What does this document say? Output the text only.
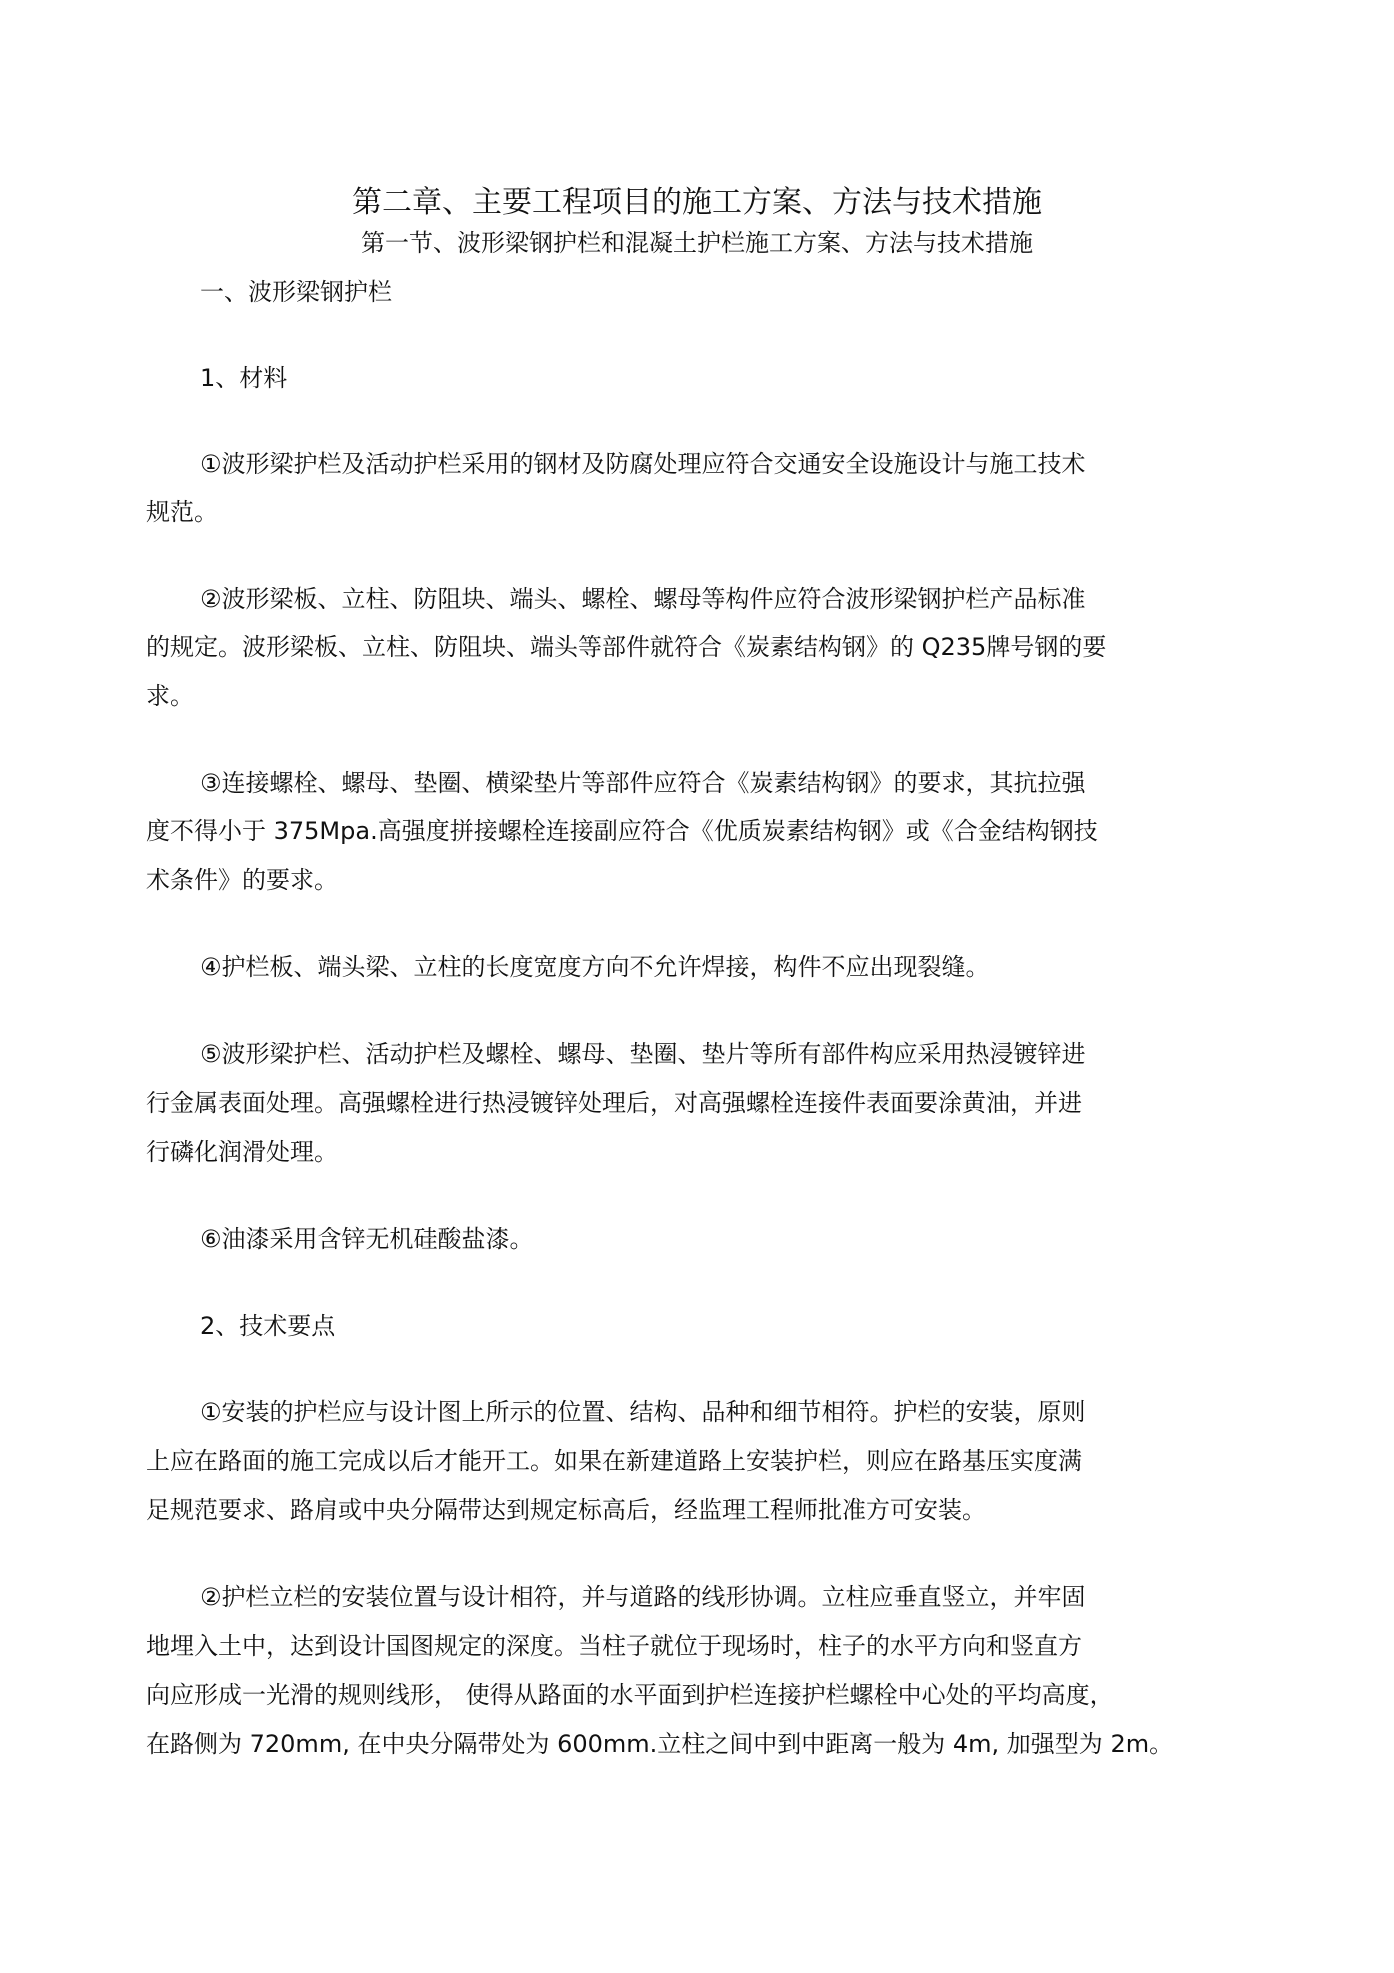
第二章、主要工程项目的施工方案、方法与技术措施
第一节、波形梁钢护栏和混凝土护栏施工方案、方法与技术措施
一、波形梁钢护栏
1、材料
①波形梁护栏及活动护栏采用的钢材及防腐处理应符合交通安全设施设计与施工技术
规范。
②波形梁板、立柱、防阻块、端头、螺栓、螺母等构件应符合波形梁钢护栏产品标准
的规定。波形梁板、立柱、防阻块、端头等部件就符合《炭素结构钢》的 Q235牌号钢的要
求。
③连接螺栓、螺母、垫圈、横梁垫片等部件应符合《炭素结构钢》的要求，其抗拉强
度不得小于 375Mpa.高强度拼接螺栓连接副应符合《优质炭素结构钢》或《合金结构钢技
术条件》的要求。
④护栏板、端头梁、立柱的长度宽度方向不允许焊接，构件不应出现裂缝。
⑤波形梁护栏、活动护栏及螺栓、螺母、垫圈、垫片等所有部件构应采用热浸镀锌进
行金属表面处理。高强螺栓进行热浸镀锌处理后，对高强螺栓连接件表面要涂黄油，并进
行磷化润滑处理。
⑥油漆采用含锌无机硅酸盐漆。
2、技术要点
①安装的护栏应与设计图上所示的位置、结构、品种和细节相符。护栏的安装，原则
上应在路面的施工完成以后才能开工。如果在新建道路上安装护栏，则应在路基压实度满
足规范要求、路肩或中央分隔带达到规定标高后，经监理工程师批准方可安装。
②护栏立栏的安装位置与设计相符，并与道路的线形协调。立柱应垂直竖立，并牢固
地埋入土中，达到设计国图规定的深度。当柱子就位于现场时，柱子的水平方向和竖直方
向应形成一光滑的规则线形， 使得从路面的水平面到护栏连接护栏螺栓中心处的平均高度，
在路侧为 720mm, 在中央分隔带处为 600mm.立柱之间中到中距离一般为 4m, 加强型为 2m。
